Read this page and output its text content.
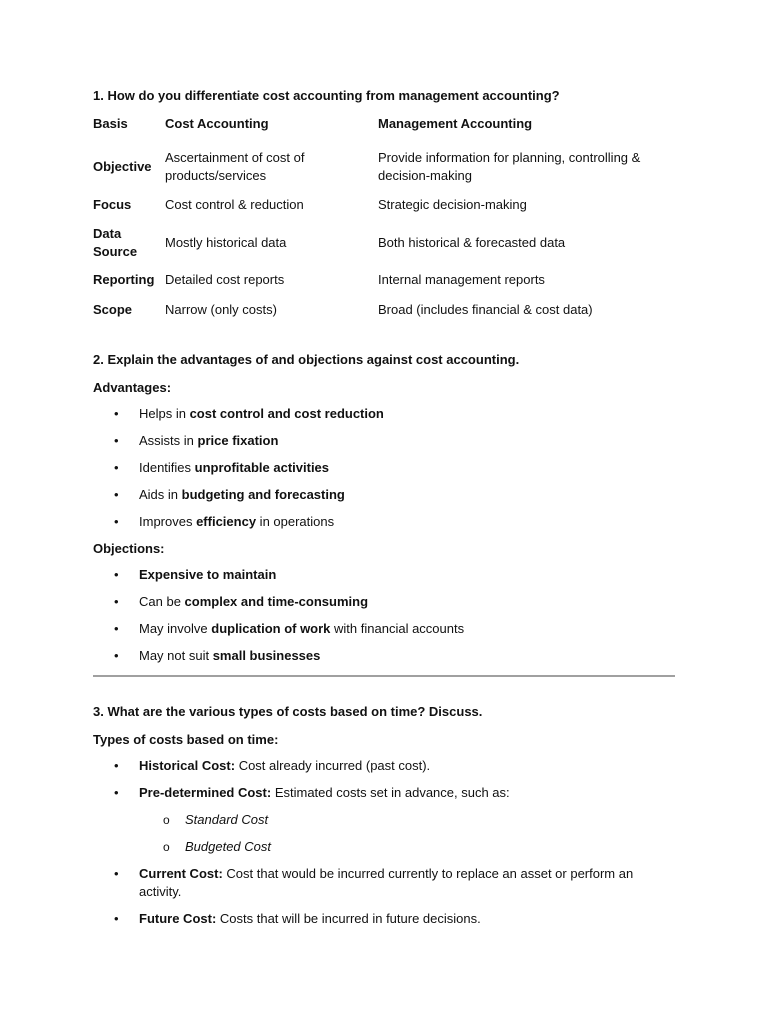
1. How do you differentiate cost accounting from management accounting?
Basis	Cost Accounting	Management Accounting
Objective	Ascertainment of cost of products/services	Provide information for planning, controlling & decision-making
Focus	Cost control & reduction	Strategic decision-making
Data Source	Mostly historical data	Both historical & forecasted data
Reporting	Detailed cost reports	Internal management reports
Scope	Narrow (only costs)	Broad (includes financial & cost data)
2. Explain the advantages of and objections against cost accounting.
Advantages:
• Helps in cost control and cost reduction
• Assists in price fixation
• Identifies unprofitable activities
• Aids in budgeting and forecasting
• Improves efficiency in operations
Objections:
• Expensive to maintain
• Can be complex and time-consuming
• May involve duplication of work with financial accounts
• May not suit small businesses
3. What are the various types of costs based on time? Discuss.
Types of costs based on time:
• Historical Cost: Cost already incurred (past cost).
• Pre-determined Cost: Estimated costs set in advance, such as:
o Standard Cost
o Budgeted Cost
• Current Cost: Cost that would be incurred currently to replace an asset or perform an activity.
• Future Cost: Costs that will be incurred in future decisions.
